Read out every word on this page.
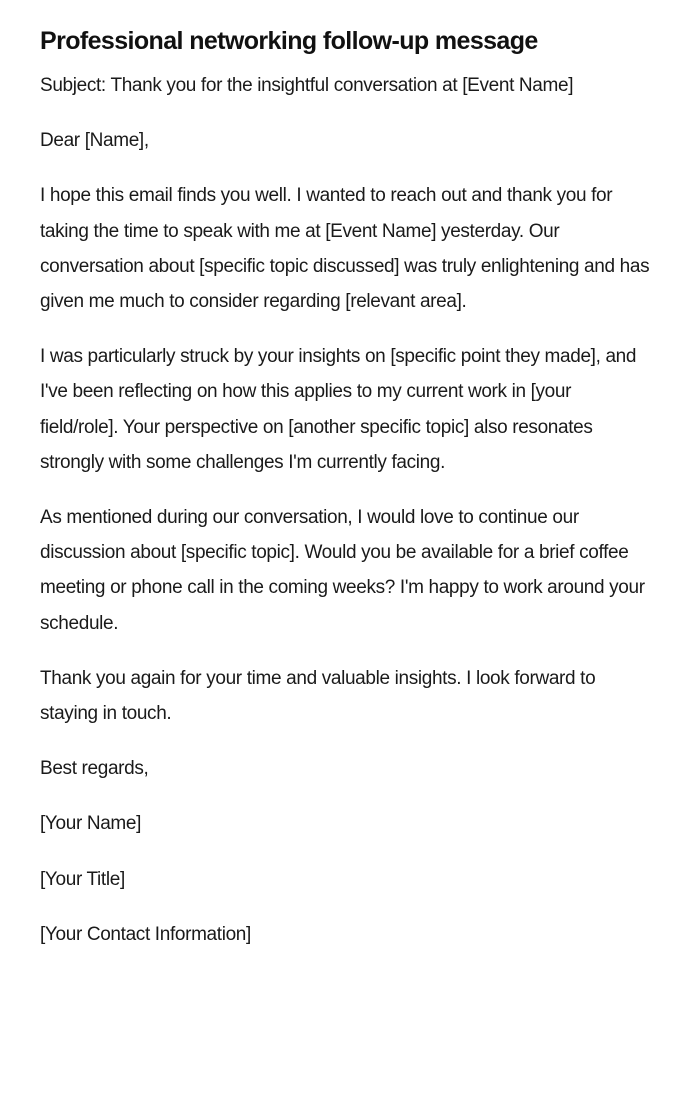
Professional networking follow-up message

Subject: Thank you for the insightful conversation at [Event Name]

Dear [Name],

I hope this email finds you well. I wanted to reach out and thank you for taking the time to speak with me at [Event Name] yesterday. Our conversation about [specific topic discussed] was truly enlightening and has given me much to consider regarding [relevant area].

I was particularly struck by your insights on [specific point they made], and I've been reflecting on how this applies to my current work in [your field/role]. Your perspective on [another specific topic] also resonates strongly with some challenges I'm currently facing.

As mentioned during our conversation, I would love to continue our discussion about [specific topic]. Would you be available for a brief coffee meeting or phone call in the coming weeks? I'm happy to work around your schedule.

Thank you again for your time and valuable insights. I look forward to staying in touch.

Best regards,

[Your Name]

[Your Title]

[Your Contact Information]
